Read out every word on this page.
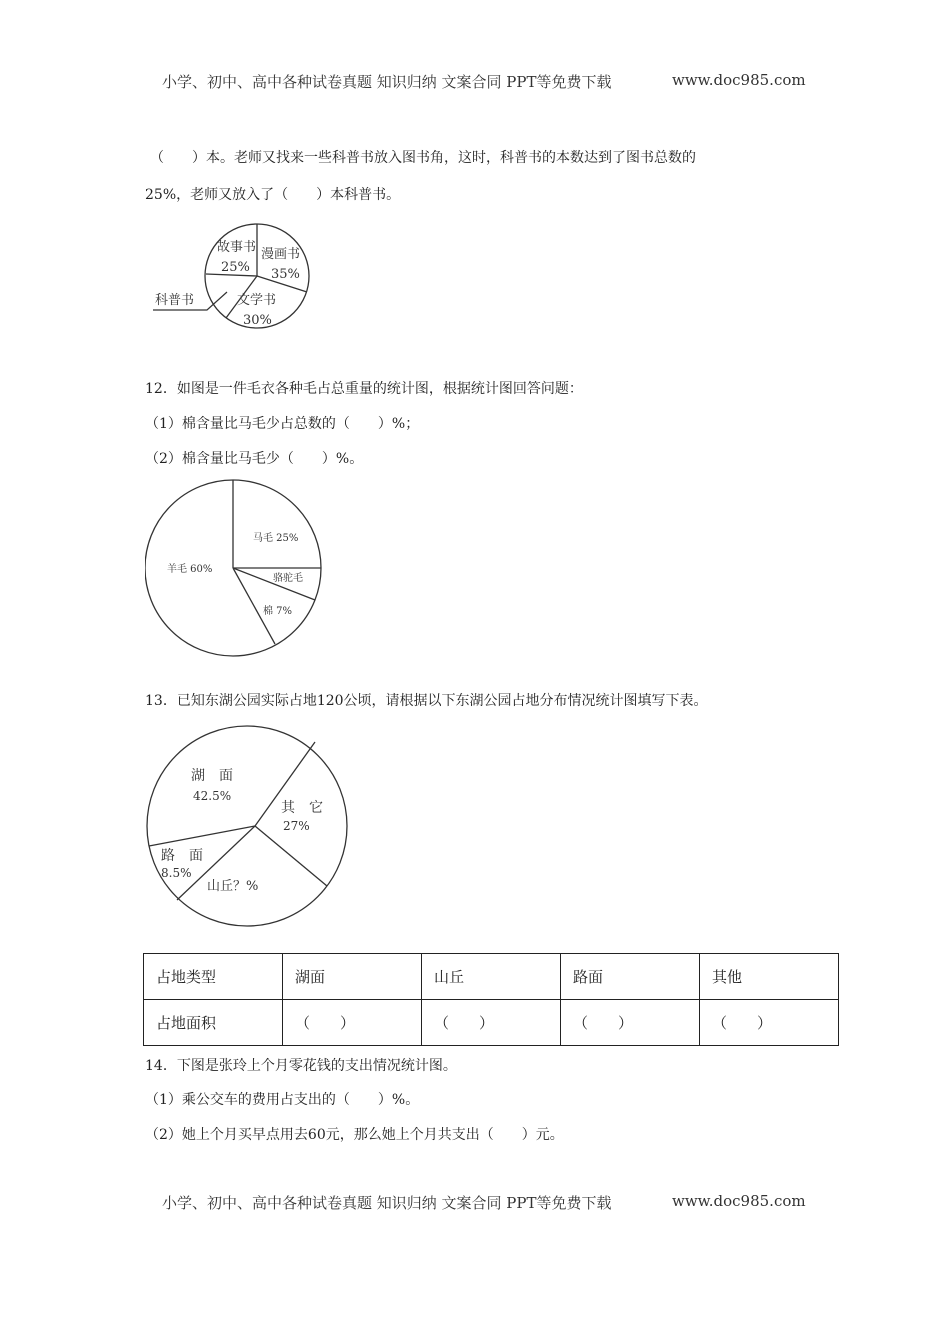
小学、初中、高中各种试卷真题 知识归纳 文案合同 PPT等免费下载	www.doc985.com
（　　）本。老师又找来一些科普书放入图书角，这时，科普书的本数达到了图书总数的
25%，老师又放入了（　　）本科普书。
故事书
25%
漫画书
35%
文学书
30%
科普书
12．如图是一件毛衣各种毛占总重量的统计图，根据统计图回答问题：
（1）棉含量比马毛少占总数的（　　）%；
（2）棉含量比马毛少（　　）%。
羊毛 60%
马毛 25%
骆驼毛
棉 7%
13．已知东湖公园实际占地120公顷，请根据以下东湖公园占地分布情况统计图填写下表。
湖　面
42.5%
其　它
27%
山丘？%
路　面
8.5%
占地类型	湖面	山丘	路面	其他
占地面积	（　　）	（　　）	（　　）	（　　）
14．下图是张玲上个月零花钱的支出情况统计图。
（1）乘公交车的费用占支出的（　　）%。
（2）她上个月买早点用去60元，那么她上个月共支出（　　）元。
小学、初中、高中各种试卷真题 知识归纳 文案合同 PPT等免费下载	www.doc985.com
